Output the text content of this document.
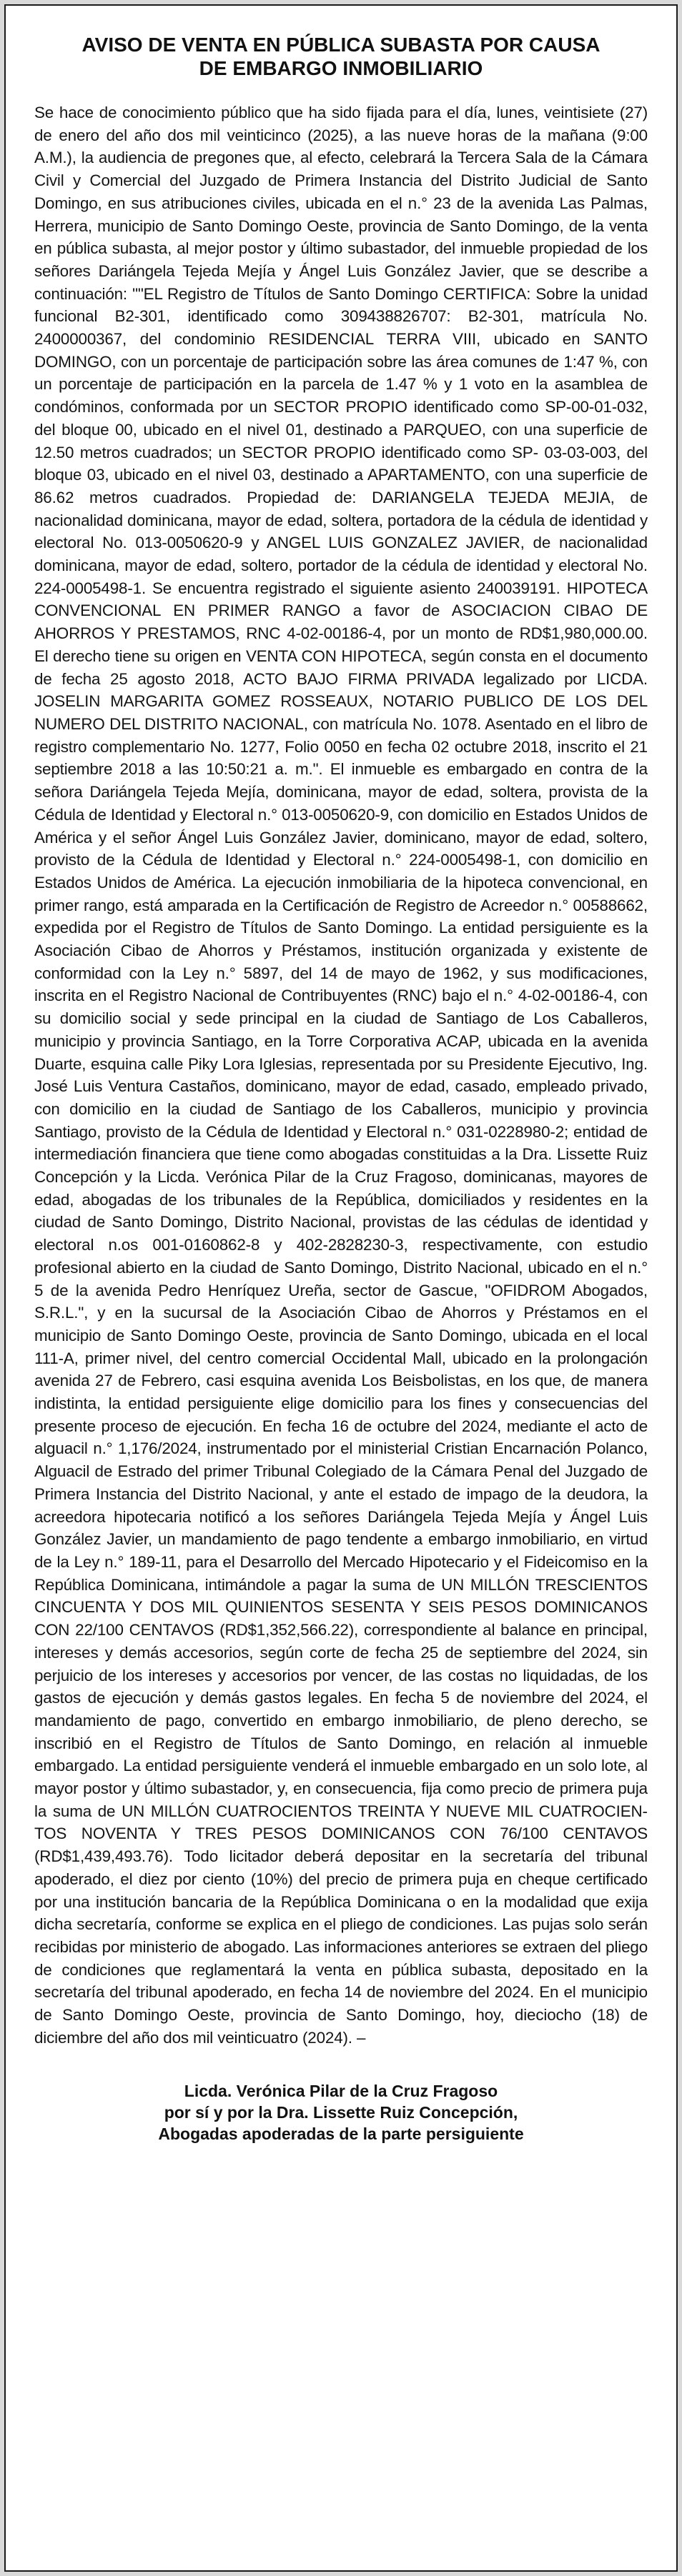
AVISO DE VENTA EN PÚBLICA SUBASTA POR CAUSA
DE EMBARGO INMOBILIARIO
Se hace de conocimiento público que ha sido fijada para el día, lunes, veintisiete (27) de enero del año dos mil veinticinco (2025), a las nueve horas de la mañana (9:00 A.M.), la audiencia de pregones que, al efecto, celebrará la Tercera Sala de la Cámara Civil y Comercial del Juzgado de Primera Instancia del Distrito Judicial de Santo Domingo, en sus atribuciones civiles, ubicada en el n.° 23 de la avenida Las Palmas, Herrera, municipio de Santo Domingo Oeste, provincia de Santo Domingo, de la venta en pública subasta, al mejor postor y último subastador, del inmueble propiedad de los señores Dariángela Tejeda Mejía y Ángel Luis González Javier, que se describe a continuación: ""EL Registro de Títulos de Santo Domingo CERTIFICA: Sobre la unidad funcional B2-301, identificado como 309438826707: B2-301, matrícula No. 2400000367, del condominio RESIDENCIAL TERRA VIII, ubicado en SANTO DOMINGO, con un porcentaje de participación sobre las área comunes de 1:47 %, con un porcentaje de participación en la parcela de 1.47 % y 1 voto en la asamblea de condóminos, conformada por un SECTOR PROPIO identificado como SP-00-01-032, del bloque 00, ubicado en el nivel 01, destinado a PARQUEO, con una superficie de 12.50 metros cuadrados; un SECTOR PROPIO identificado como SP- 03-03-003, del bloque 03, ubicado en el nivel 03, destinado a APARTAMENTO, con una superficie de 86.62 metros cuadrados. Propiedad de: DARIANGELA TEJEDA MEJIA, de nacionalidad dominicana, mayor de edad, soltera, portadora de la cédula de identidad y electoral No. 013-0050620-9 y ANGEL LUIS GONZALEZ JAVIER, de nacionalidad dominicana, mayor de edad, soltero, portador de la cédula de identidad y electoral No. 224-0005498-1. Se encuentra registrado el siguiente asiento 240039191. HIPOTECA CONVENCIONAL EN PRIMER RANGO a favor de ASOCIACION CIBAO DE AHORROS Y PRESTAMOS, RNC 4-02-00186-4, por un monto de RD$1,980,000.00. El derecho tiene su origen en VENTA CON HIPOTECA, según consta en el documento de fecha 25 agosto 2018, ACTO BAJO FIRMA PRIVADA legalizado por LICDA. JOSELIN MARGARITA GOMEZ ROSSEAUX, NOTARIO PUBLICO DE LOS DEL NUMERO DEL DISTRITO NACIONAL, con matrícula No. 1078. Asentado en el libro de registro complementario No. 1277, Folio 0050 en fecha 02 octubre 2018, inscrito el 21 septiembre 2018 a las 10:50:21 a. m.". El inmueble es embargado en contra de la señora Dariángela Tejeda Mejía, dominicana, mayor de edad, soltera, provista de la Cédula de Identidad y Electoral n.° 013-0050620-9, con domicilio en Estados Unidos de América y el señor Ángel Luis González Javier, dominicano, mayor de edad, soltero, provisto de la Cédula de Identidad y Electoral n.° 224-0005498-1, con domicilio en Estados Unidos de América. La ejecución inmobiliaria de la hipoteca convencional, en primer rango, está amparada en la Certificación de Registro de Acreedor n.° 00588662, expedida por el Registro de Títulos de Santo Domingo. La entidad persiguiente es la Asociación Cibao de Ahorros y Préstamos, institución organizada y existente de conformidad con la Ley n.° 5897, del 14 de mayo de 1962, y sus modificaciones, inscrita en el Registro Nacional de Contribuyentes (RNC) bajo el n.° 4-02-00186-4, con su domicilio social y sede principal en la ciudad de Santiago de Los Caballeros, municipio y provincia Santiago, en la Torre Corporativa ACAP, ubicada en la avenida Duarte, esquina calle Piky Lora Iglesias, representada por su Presidente Ejecutivo, Ing. José Luis Ventura Castaños, dominicano, mayor de edad, casado, empleado privado, con domicilio en la ciudad de Santiago de los Caballeros, municipio y provincia Santiago, provisto de la Cédula de Identidad y Electoral n.° 031-0228980-2; entidad de intermediación financiera que tiene como abogadas constituidas a la Dra. Lissette Ruiz Concepción y la Licda. Verónica Pilar de la Cruz Fragoso, dominicanas, mayores de edad, abogadas de los tribunales de la República, domiciliados y residentes en la ciudad de Santo Domingo, Distrito Nacional, provistas de las cédulas de identidad y electoral n.os 001-0160862-8 y 402-2828230-3, respectivamente, con estudio profesional abierto en la ciudad de Santo Domingo, Distrito Nacional, ubicado en el n.° 5 de la avenida Pedro Henríquez Ureña, sector de Gascue, "OFIDROM Abogados, S.R.L.", y en la sucursal de la Asociación Cibao de Ahorros y Préstamos en el municipio de Santo Domingo Oeste, provincia de Santo Domingo, ubicada en el local 111-A, primer nivel, del centro comercial Occidental Mall, ubicado en la prolongación avenida 27 de Febrero, casi esquina avenida Los Beisbolistas, en los que, de manera indistinta, la entidad persiguiente elige domicilio para los fines y consecuencias del presente proceso de ejecución. En fecha 16 de octubre del 2024, mediante el acto de alguacil n.° 1,176/2024, instrumentado por el ministerial Cristian Encarnación Polanco, Alguacil de Estrado del primer Tribunal Colegiado de la Cámara Penal del Juzgado de Primera Instancia del Distrito Nacional, y ante el estado de impago de la deudora, la acreedora hipotecaria notificó a los señores Dariángela Tejeda Mejía y Ángel Luis González Javier, un mandamiento de pago tendente a embargo inmobiliario, en virtud de la Ley n.° 189-11, para el Desarrollo del Mercado Hipotecario y el Fideicomiso en la República Dominicana, intimándole a pagar la suma de UN MILLÓN TRESCIENTOS CINCUENTA Y DOS MIL QUINIENTOS SESENTA Y SEIS PESOS DOMINICANOS CON 22/100 CENTAVOS (RD$1,352,566.22), correspondiente al balance en principal, intereses y demás accesorios, según corte de fecha 25 de septiembre del 2024, sin perjuicio de los intereses y accesorios por vencer, de las costas no liquidadas, de los gastos de ejecución y demás gastos legales. En fecha 5 de noviembre del 2024, el mandamiento de pago, convertido en embargo inmobiliario, de pleno derecho, se inscribió en el Registro de Títulos de Santo Domingo, en relación al inmueble embargado. La entidad persiguiente venderá el inmueble embargado en un solo lote, al mayor postor y último subastador, y, en consecuencia, fija como precio de primera puja la suma de UN MILLÓN CUATROCIENTOS TREINTA Y NUEVE MIL CUATROCIENTOS NOVENTA Y TRES PESOS DOMINICANOS CON 76/100 CENTAVOS (RD$1,439,493.76). Todo licitador deberá depositar en la secretaría del tribunal apoderado, el diez por ciento (10%) del precio de primera puja en cheque certificado por una institución bancaria de la República Dominicana o en la modalidad que exija dicha secretaría, conforme se explica en el pliego de condiciones. Las pujas solo serán recibidas por ministerio de abogado. Las informaciones anteriores se extraen del pliego de condiciones que reglamentará la venta en pública subasta, depositado en la secretaría del tribunal apoderado, en fecha 14 de noviembre del 2024. En el municipio de Santo Domingo Oeste, provincia de Santo Domingo, hoy, dieciocho (18) de diciembre del año dos mil veinticuatro (2024). –
Licda. Verónica Pilar de la Cruz Fragoso
por sí y por la Dra. Lissette Ruiz Concepción,
Abogadas apoderadas de la parte persiguiente
